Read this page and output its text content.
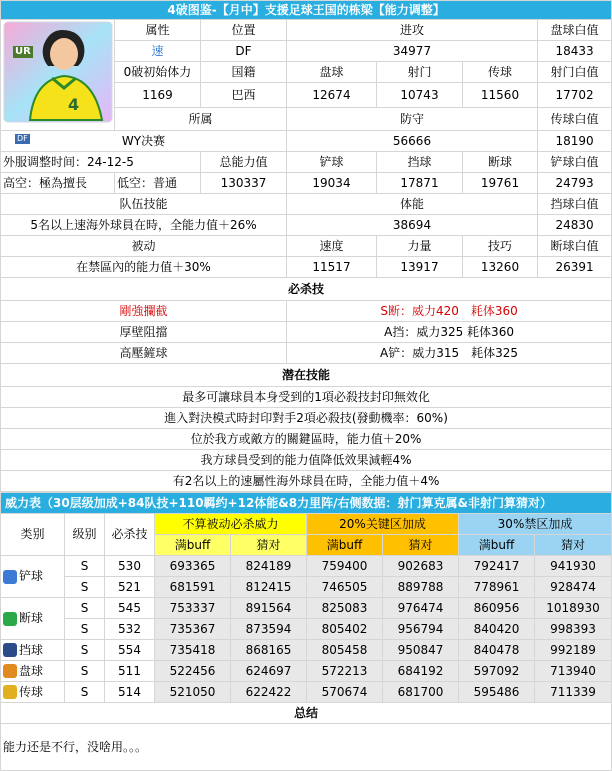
4破图鉴-【月中】支援足球王国的栋梁【能力调整】						

4
UR
DF	属性	位置	进攻			盘球白值
	速	DF	34977			18433
	0破初始体力	国籍	盘球	射门	传球	射门白值
	1169	巴西	12674	10743	11560	17702
	所属		防守			传球白值
WY决赛			56666			18190
外服调整时间：24-12-5		总能力值	铲球	挡球	断球	铲球白值
高空：極為擅長	低空：普通	130337	19034	17871	19761	24793
队伍技能			体能			挡球白值
5名以上速海外球員在時，全能力值＋26%			38694			24830
被动			速度	力量	技巧	断球白值
在禁區內的能力值＋30%			11517	13917	13260	26391
必杀技						
剛強攔截			S断：威力420　耗体360			
厚壁阻擋			A挡：威力325 耗体360			
高壓鏟球			A铲：威力315　耗体325			
潜在技能						
最多可讓球員本身受到的1項必殺技封印無效化						
進入對決模式時封印對手2項必殺技(發動機率：60%)						
位於我方或敵方的關鍵區時，能力值＋20%						
我方球員受到的能力值降低效果減輕4%						
有2名以上的速屬性海外球員在時，全能力值＋4%						
威力表（30层级加成+84队技+110羁约+12体能&8力里阵/右侧数据：射门算克属&非射门算猜对）								
类别	级别	必杀技	不算被动必杀威力		20%关键区加成		30%禁区加成	
			满buff	猜对	满buff	猜对	满buff	猜对
铲球	S	530	693365	824189	759400	902683	792417	941930
	S	521	681591	812415	746505	889788	778961	928474
断球	S	545	753337	891564	825083	976474	860956	1018930
	S	532	735367	873594	805402	956794	840420	998393
挡球	S	554	735418	868165	805458	950847	840478	992189
盘球	S	511	522456	624697	572213	684192	597092	713940
传球	S	514	521050	622422	570674	681700	595486	711339
总结								
能力还是不行，没啥用。。。								
